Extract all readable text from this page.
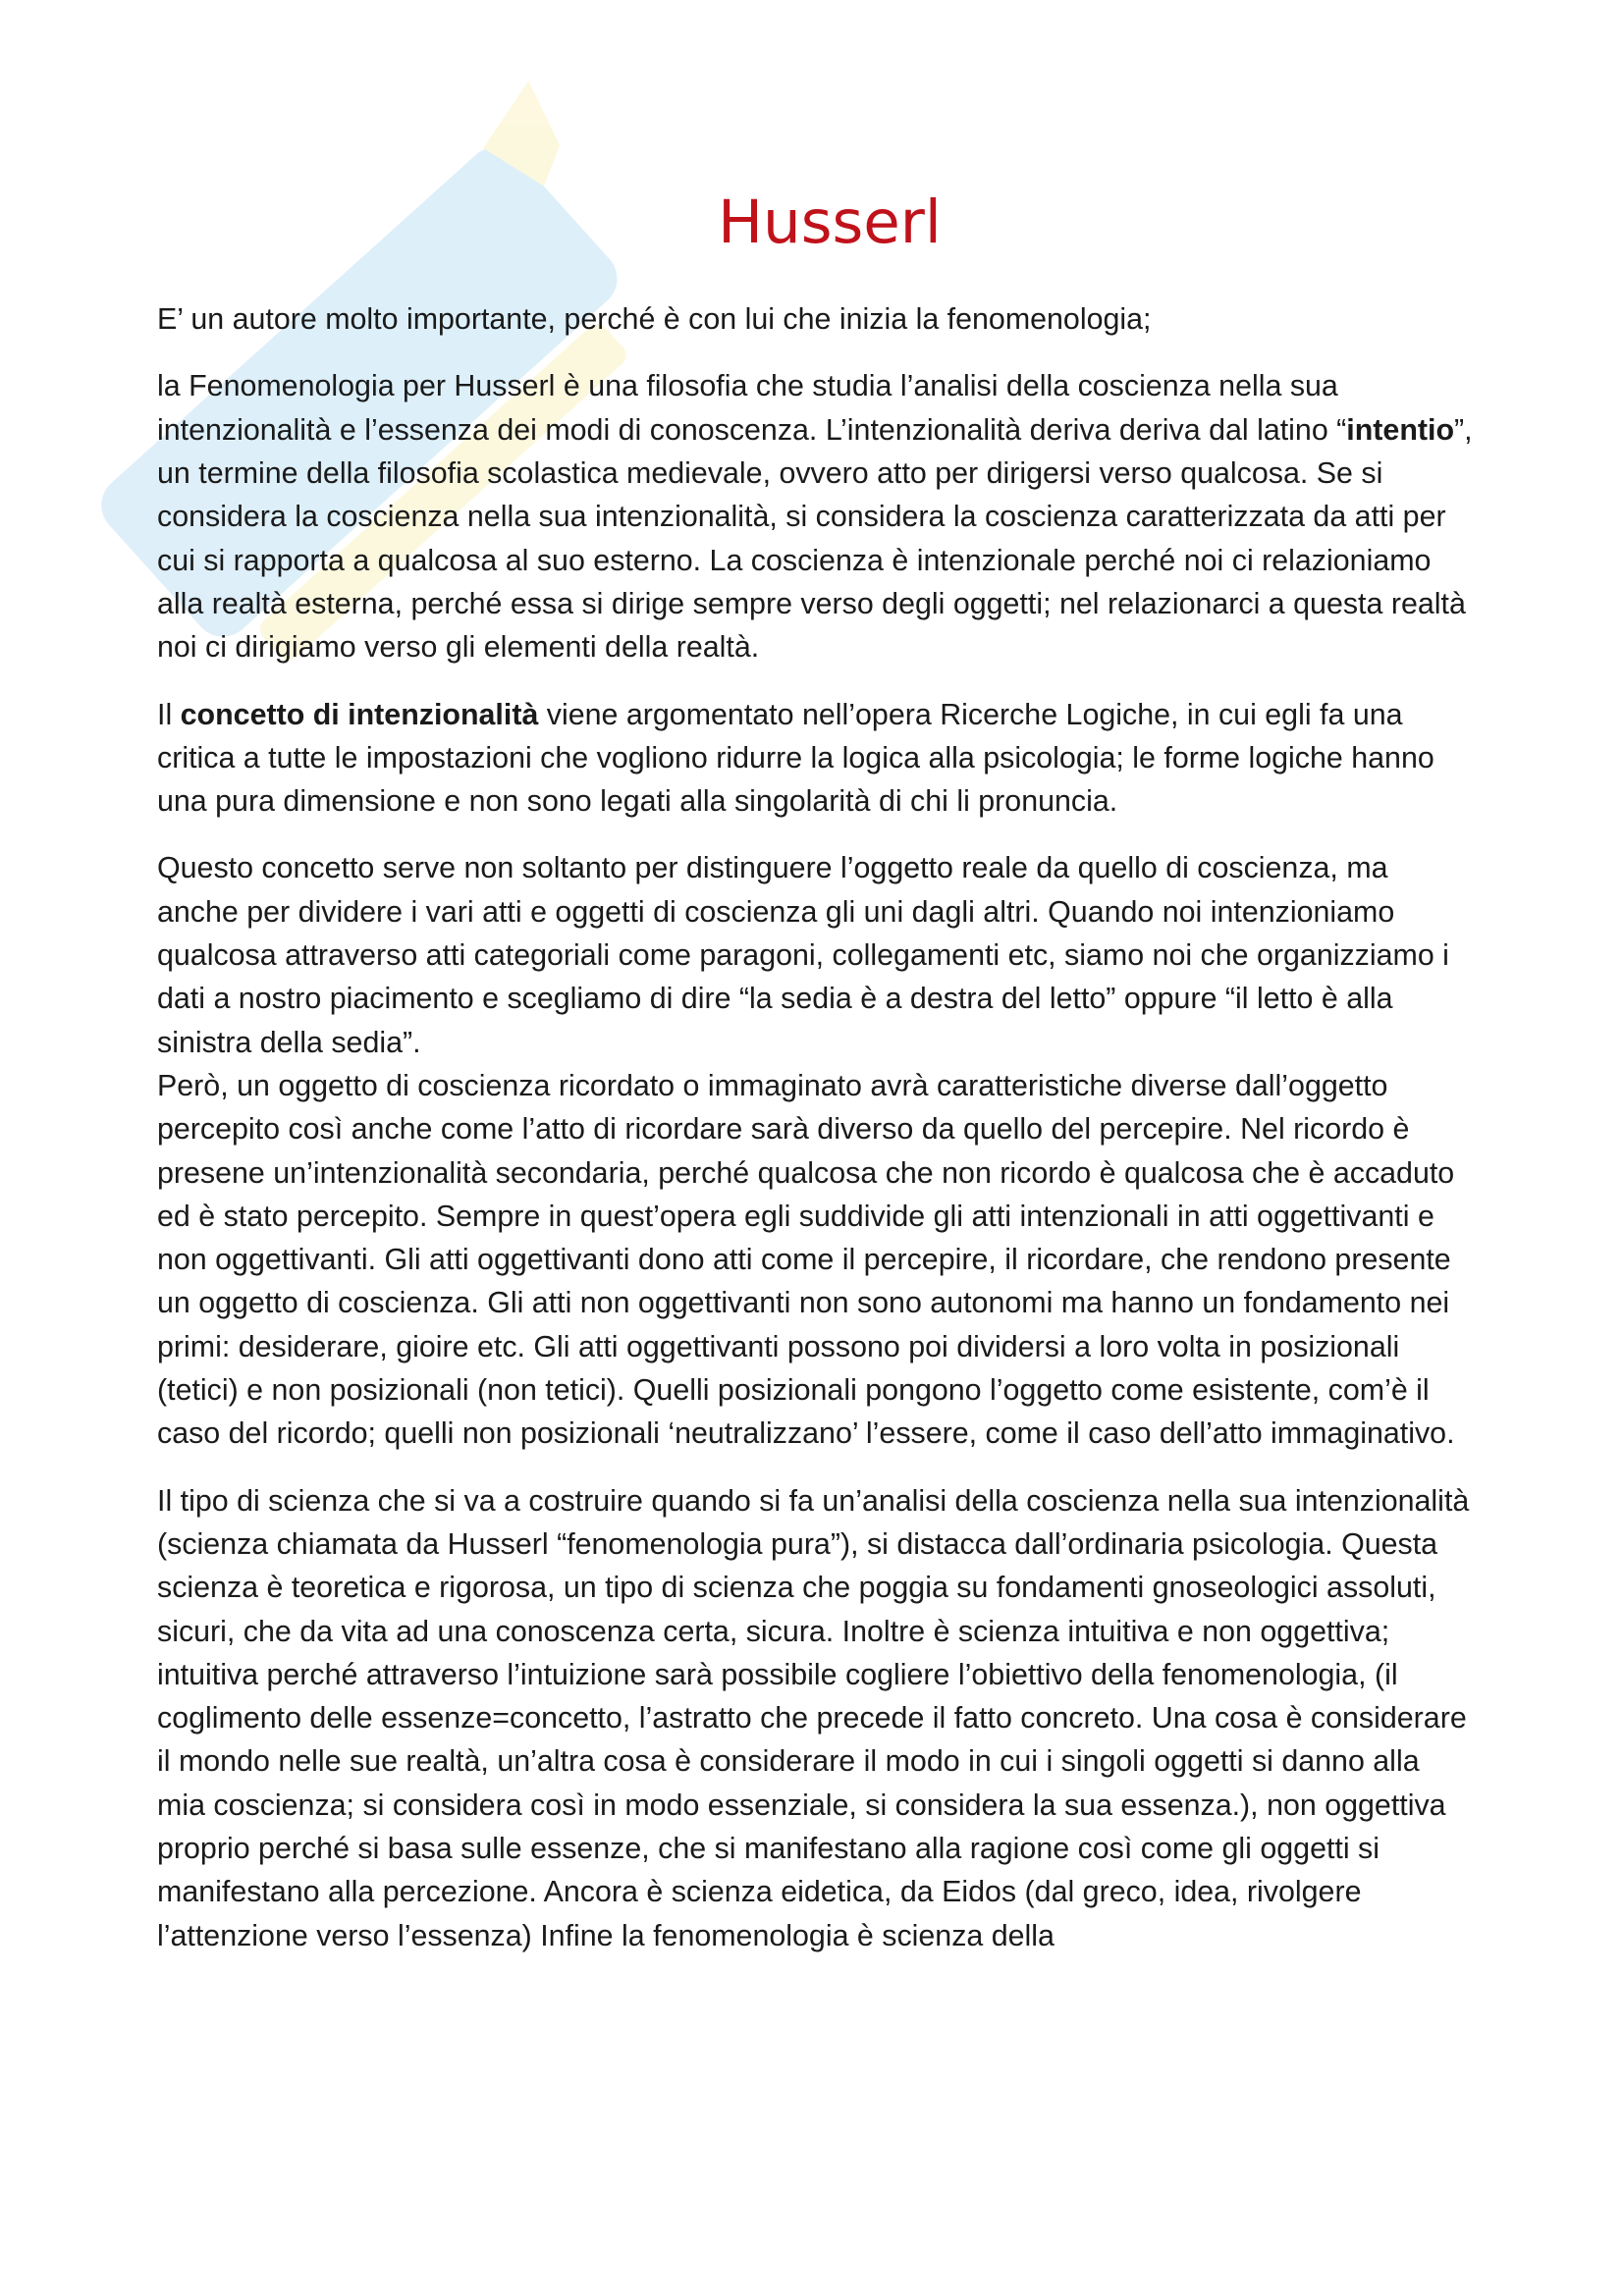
Husserl

E’ un autore molto importante, perché è con lui che inizia la fenomenologia;

la Fenomenologia per Husserl è una filosofia che studia l’analisi della coscienza nella sua intenzionalità e l’essenza dei modi di conoscenza. L’intenzionalità deriva deriva dal latino “intentio”, un termine della filosofia scolastica medievale, ovvero atto per dirigersi verso qualcosa. Se si considera la coscienza nella sua intenzionalità, si considera la coscienza caratterizzata da atti per cui si rapporta a qualcosa al suo esterno. La coscienza è intenzionale perché noi ci relazioniamo alla realtà esterna, perché essa si dirige sempre verso degli oggetti; nel relazionarci a questa realtà noi ci dirigiamo verso gli elementi della realtà.

Il concetto di intenzionalità viene argomentato nell’opera Ricerche Logiche, in cui egli fa una critica a tutte le impostazioni che vogliono ridurre la logica alla psicologia; le forme logiche hanno una pura dimensione e non sono legati alla singolarità di chi li pronuncia.

Questo concetto serve non soltanto per distinguere l’oggetto reale da quello di coscienza, ma anche per dividere i vari atti e oggetti di coscienza gli uni dagli altri. Quando noi intenzioniamo qualcosa attraverso atti categoriali come paragoni, collegamenti etc, siamo noi che organizziamo i dati a nostro piacimento e scegliamo di dire “la sedia è a destra del letto” oppure “il letto è alla sinistra della sedia”.

Però, un oggetto di coscienza ricordato o immaginato avrà caratteristiche diverse dall’oggetto percepito così anche come l’atto di ricordare sarà diverso da quello del percepire. Nel ricordo è presene un’intenzionalità secondaria, perché qualcosa che non ricordo è qualcosa che è accaduto ed è stato percepito. Sempre in quest’opera egli suddivide gli atti intenzionali in atti oggettivanti e non oggettivanti. Gli atti oggettivanti dono atti come il percepire, il ricordare, che rendono presente un oggetto di coscienza. Gli atti non oggettivanti non sono autonomi ma hanno un fondamento nei primi: desiderare, gioire etc. Gli atti oggettivanti possono poi dividersi a loro volta in posizionali (tetici) e non posizionali (non tetici). Quelli posizionali pongono l’oggetto come esistente, com’è il caso del ricordo; quelli non posizionali ‘neutralizzano’ l’essere, come il caso dell’atto immaginativo.

Il tipo di scienza che si va a costruire quando si fa un’analisi della coscienza nella sua intenzionalità (scienza chiamata da Husserl “fenomenologia pura”), si distacca dall’ordinaria psicologia. Questa scienza è teoretica e rigorosa, un tipo di scienza che poggia su fondamenti gnoseologici assoluti, sicuri, che da vita ad una conoscenza certa, sicura. Inoltre è scienza intuitiva e non oggettiva; intuitiva perché attraverso l’intuizione sarà possibile cogliere l’obiettivo della fenomenologia, (il coglimento delle essenze=concetto, l’astratto che precede il fatto concreto. Una cosa è considerare il mondo nelle sue realtà, un’altra cosa è considerare il modo in cui i singoli oggetti si danno alla mia coscienza; si considera così in modo essenziale, si considera la sua essenza.), non oggettiva proprio perché si basa sulle essenze, che si manifestano alla ragione così come gli oggetti si manifestano alla percezione. Ancora è scienza eidetica, da Eidos (dal greco, idea, rivolgere l’attenzione verso l’essenza) Infine la fenomenologia è scienza della
